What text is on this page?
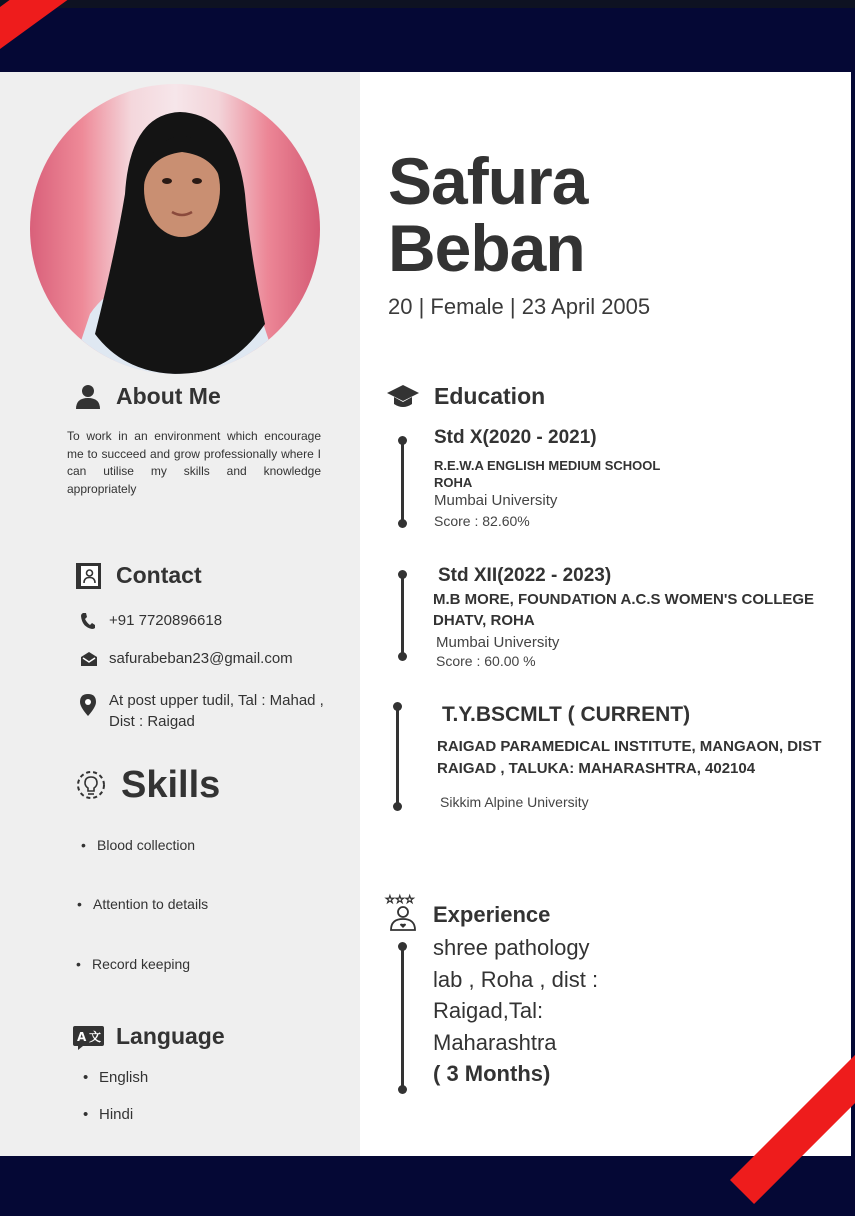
Safura
Beban
20 | Female | 23 April 2005
About Me
To work in an environment which encourage me to succeed and grow professionally where I can utilise my skills and knowledge appropriately
Contact
+91 7720896618
safurabeban23@gmail.com
At post upper tudil, Tal : Mahad , Dist : Raigad
Skills
• Blood collection
• Attention to details
• Record keeping
A 文 Language
• English
• Hindi
Education
Std X(2020 - 2021)
R.E.W.A ENGLISH MEDIUM SCHOOL
ROHA
Mumbai University
Score : 82.60%
Std XII(2022 - 2023)
M.B MORE, FOUNDATION A.C.S WOMEN'S COLLEGE
DHATV, ROHA
Mumbai University
Score : 60.00 %
T.Y.BSCMLT ( CURRENT)
RAIGAD PARAMEDICAL INSTITUTE, MANGAON, DIST
RAIGAD , TALUKA: MAHARASHTRA, 402104
Sikkim Alpine University
☆☆☆
Experience
shree pathology
lab , Roha , dist :
Raigad,Tal:
Maharashtra
( 3 Months)
